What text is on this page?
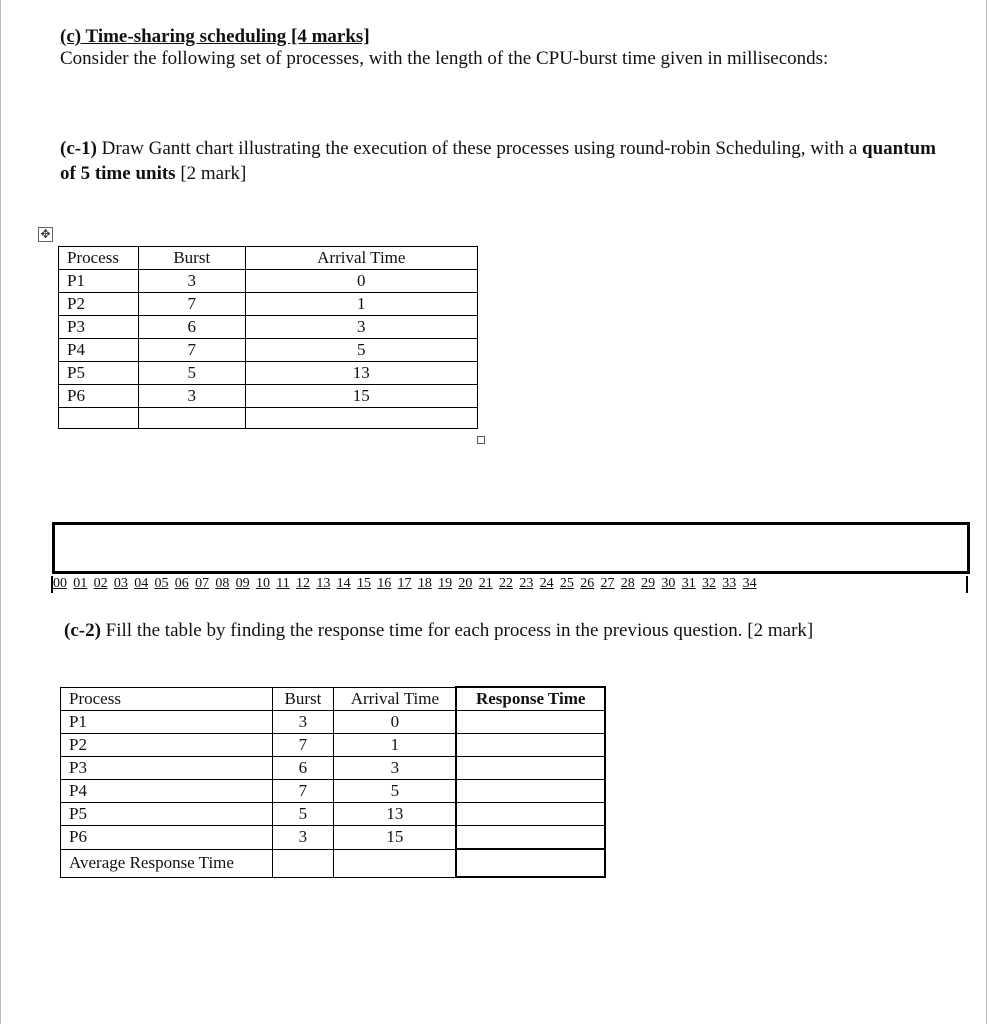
(c) Time-sharing scheduling [4 marks]
Consider the following set of processes, with the length of the CPU-burst time given in milliseconds:
(c-1) Draw Gantt chart illustrating the execution of these processes using round-robin Scheduling, with a quantum of 5 time units [2 mark]
✥
Process	Burst	Arrival Time
P1	3	0
P2	7	1
P3	6	3
P4	7	5
P5	5	13
P6	3	15

00 01 02 03 04 05 06 07 08 09 10 11 12 13 14 15 16 17 18 19 20 21 22 23 24 25 26 27 28 29 30 31 32 33 34
(c-2) Fill the table by finding the response time for each process in the previous question. [2 mark]
Process	Burst	Arrival Time	Response Time
P1	3	0	
P2	7	1	
P3	6	3	
P4	7	5	
P5	5	13	
P6	3	15	
Average Response Time			
